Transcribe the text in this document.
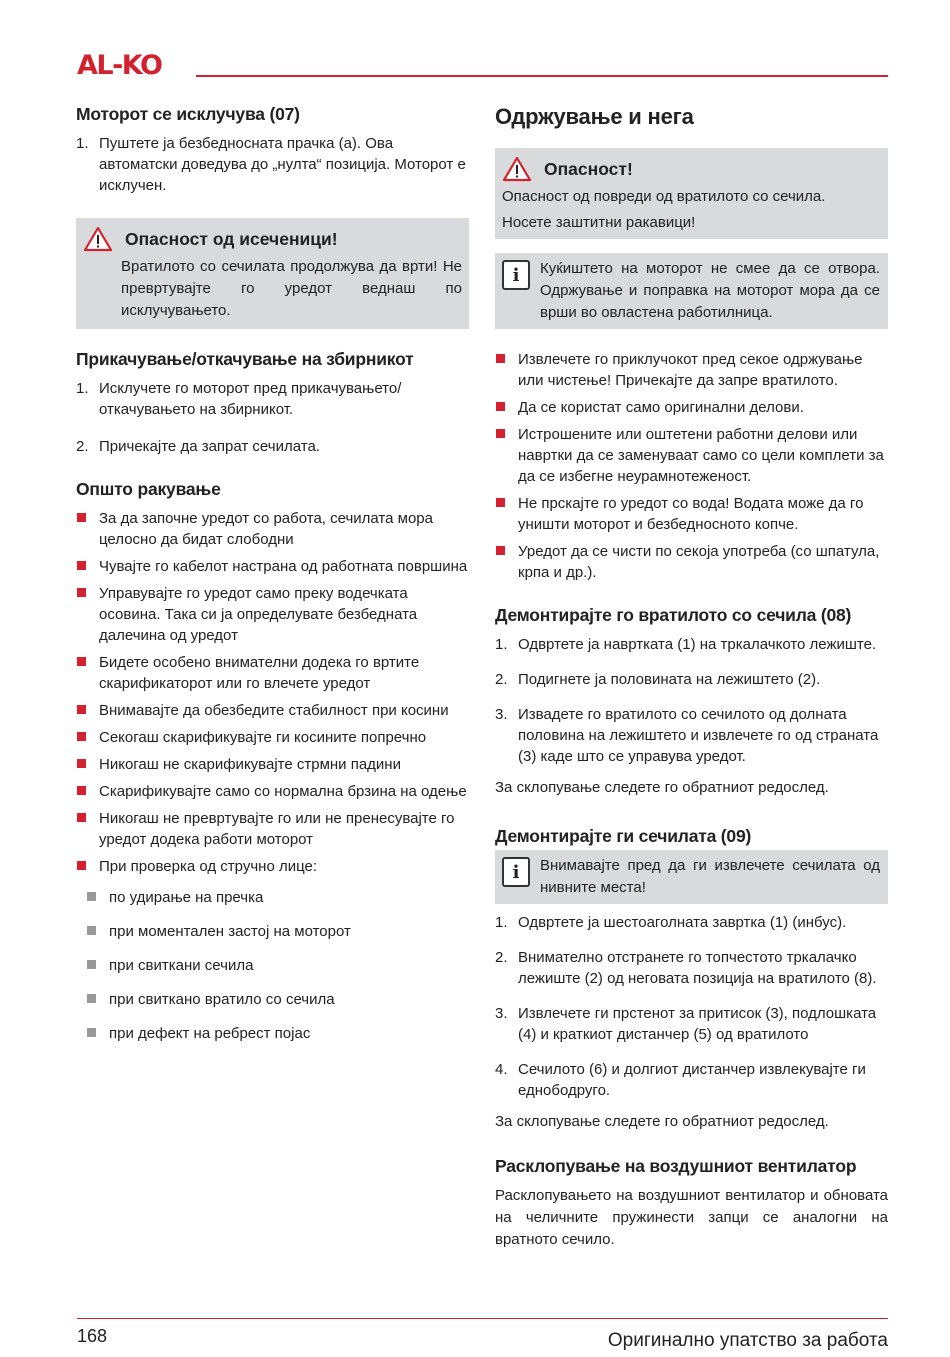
AL-KO
Моторот се исклучува (07)
1. Пуштете ја безбедносната прачка (a). Ова автоматски доведува до „нулта“ позиција. Моторот е исклучен.
Опасност од исеченици!
Вратилото со сечилата продолжува да врти! Не превртувајте го уредот веднаш по исклучувањето.
Прикачување/откачување на збирникот
1. Исклучете го моторот пред прикачувањето/ откачувањето на збирникот.
2. Причекајте да запрат сечилата.
Општо ракување
За да започне уредот со работа, сечилата мора целосно да бидат слободни
Чувајте го кабелот настрана од работната површина
Управувајте го уредот само преку водечката осовина. Така си ја определувате безбедната далечина од уредот
Бидете особено внимателни додека го вртите скарификаторот или го влечете уредот
Внимавајте да обезбедите стабилност при косини
Секогаш скарификувајте ги косините попречно
Никогаш не скарификувајте стрмни падини
Скарификувајте само со нормална брзина на одење
Никогаш не превртувајте го или не пренесувајте го уредот додека работи моторот
При проверка од стручно лице:
по удирање на пречка
при моментален застој на моторот
при свиткани сечила
при свиткано вратило со сечила
при дефект на ребрест појас
Одржување и нега
Опасност!
Опасност од повреди од вратилото со сечила.
Носете заштитни ракавици!
i	Куќиштето на моторот не смее да се отвора. Одржување и поправка на моторот мора да се врши во овластена работилница.
Извлечете го приклучокот пред секое одржување или чистење! Причекајте да запре вратилото.
Да се користат само оригинални делови.
Истрошените или оштетени работни делови или навртки да се заменуваат само со цели комплети за да се избегне неурамнотеженост.
Не прскајте го уредот со вода! Водата може да го уништи моторот и безбедносното копче.
Уредот да се чисти по секоја употреба (со шпатула, крпа и др.).
Демонтирајте го вратилото со сечила (08)
1. Одвртете ја навртката (1) на тркалачкото лежиште.
2. Подигнете ја половината на лежиштето (2).
3. Извадете го вратилото со сечилото од долната половина на лежиштето и извлечете го од страната (3) каде што се управува уредот.

За склопување следете го обратниот редослед.

Демонтирајте ги сечилата (09)
i	Внимавајте пред да ги извлечете сечилата од нивните места!
1. Одвртете ја шестоаголната завртка (1) (инбус).
2. Внимателно отстранете го топчестото тркалачко лежиште (2) од неговата позиција на вратилото (8).
3. Извлечете ги прстенот за притисок (3), подлошката (4) и краткиот дистанчер (5) од вратилото
4. Сечилото (6) и долгиот дистанчер извлекувајте ги еднободруго.

За склопување следете го обратниот редослед.

Расклопување на воздушниот вентилатор

Расклопувањето на воздушниот вентилатор и обновата на челичните пружинести запци се аналогни на вратното сечило.

168	Оригинално упатство за работа
